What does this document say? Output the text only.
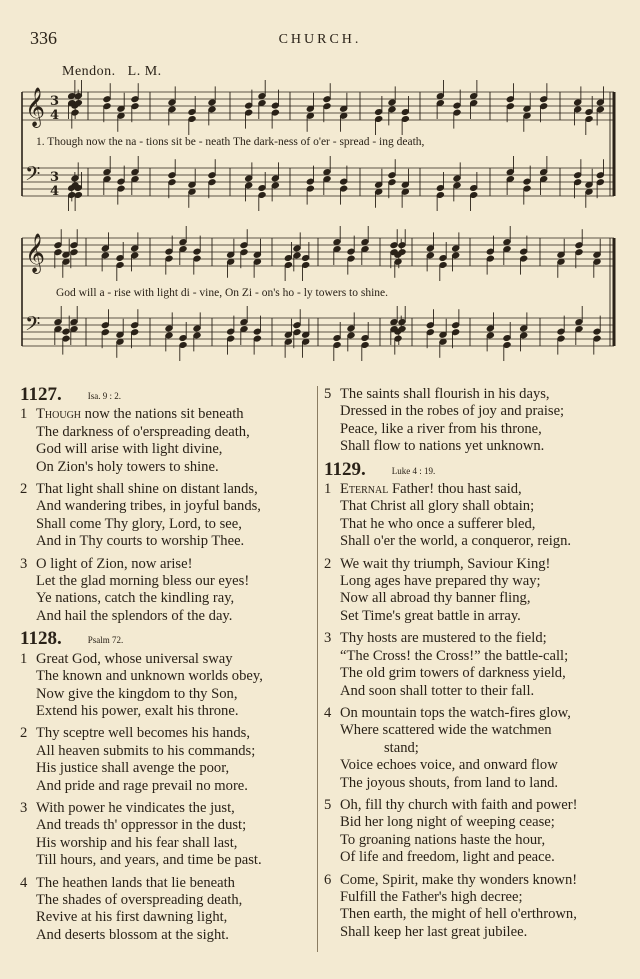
336	CHURCH.
Mendon. L. M.
𝄞 3
4
𝄢 3
4
𝄞
𝄢
1. Though now the na - tions sit be - neath The dark-ness of o'er - spread - ing death,
God will a - rise with light di - vine, On Zi - on's ho - ly towers to shine.
1127.	Isa. 9 : 2.
1 Though now the nations sit beneath
The darkness of o'erspreading death,
God will arise with light divine,
On Zion's holy towers to shine.
2 That light shall shine on distant lands,
And wandering tribes, in joyful bands,
Shall come Thy glory, Lord, to see,
And in Thy courts to worship Thee.
3 O light of Zion, now arise!
Let the glad morning bless our eyes!
Ye nations, catch the kindling ray,
And hail the splendors of the day.
1128.	Psalm 72.
1 Great God, whose universal sway
The known and unknown worlds obey,
Now give the kingdom to thy Son,
Extend his power, exalt his throne.
2 Thy sceptre well becomes his hands,
All heaven submits to his commands;
His justice shall avenge the poor,
And pride and rage prevail no more.
3 With power he vindicates the just,
And treads th' oppressor in the dust;
His worship and his fear shall last,
Till hours, and years, and time be past.
4 The heathen lands that lie beneath
The shades of overspreading death,
Revive at his first dawning light,
And deserts blossom at the sight.
5 The saints shall flourish in his days,
Dressed in the robes of joy and praise;
Peace, like a river from his throne,
Shall flow to nations yet unknown.
1129.	Luke 4 : 19.
1 Eternal Father! thou hast said,
That Christ all glory shall obtain;
That he who once a sufferer bled,
Shall o'er the world, a conqueror, reign.
2 We wait thy triumph, Saviour King!
Long ages have prepared thy way;
Now all abroad thy banner fling,
Set Time's great battle in array.
3 Thy hosts are mustered to the field;
“The Cross! the Cross!” the battle-call;
The old grim towers of darkness yield,
And soon shall totter to their fall.
4 On mountain tops the watch-fires glow,
Where scattered wide the watchmen
stand;
Voice echoes voice, and onward flow
The joyous shouts, from land to land.
5 Oh, fill thy church with faith and power!
Bid her long night of weeping cease;
To groaning nations haste the hour,
Of life and freedom, light and peace.
6 Come, Spirit, make thy wonders known!
Fulfill the Father's high decree;
Then earth, the might of hell o'erthrown,
Shall keep her last great jubilee.
